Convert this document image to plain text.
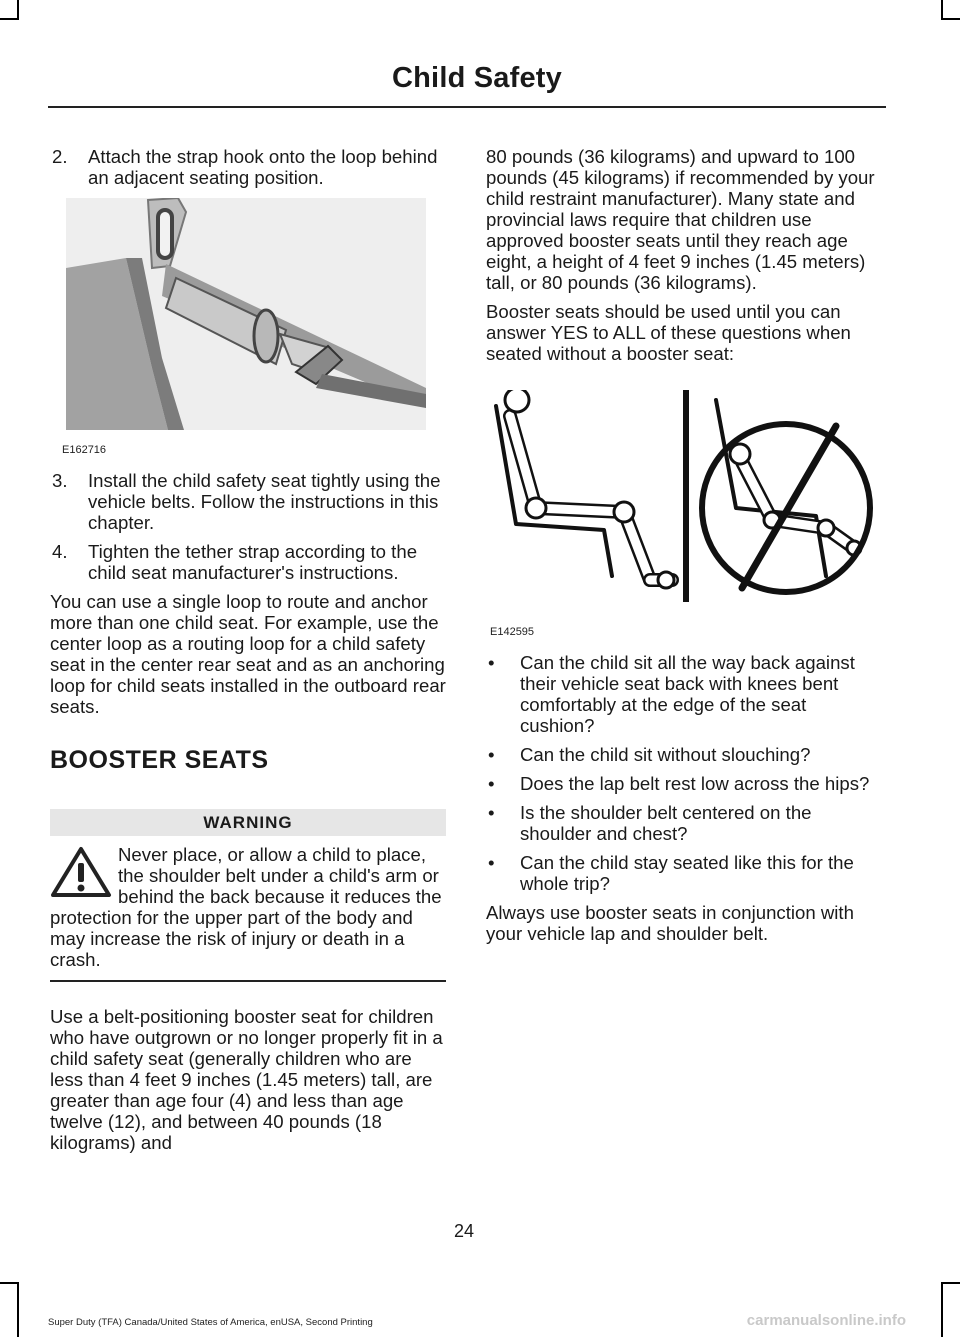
Child Safety
2. Attach the strap hook onto the loop behind an adjacent seating position.
E162716
3. Install the child safety seat tightly using the vehicle belts. Follow the instructions in this chapter.
4. Tighten the tether strap according to the child seat manufacturer's instructions.

You can use a single loop to route and anchor more than one child seat. For example, use the center loop as a routing loop for a child safety seat in the center rear seat and as an anchoring loop for child seats installed in the outboard rear seats.

BOOSTER SEATS
WARNING
Never place, or allow a child to place, the shoulder belt under a child's arm or behind the back because it reduces the protection for the upper part of the body and may increase the risk of injury or death in a crash.

Use a belt-positioning booster seat for children who have outgrown or no longer properly fit in a child safety seat (generally children who are less than 4 feet 9 inches (1.45 meters) tall, are greater than age four (4) and less than age twelve (12), and between 40 pounds (18 kilograms) and

80 pounds (36 kilograms) and upward to 100 pounds (45 kilograms) if recommended by your child restraint manufacturer). Many state and provincial laws require that children use approved booster seats until they reach age eight, a height of 4 feet 9 inches (1.45 meters) tall, or 80 pounds (36 kilograms).

Booster seats should be used until you can answer YES to ALL of these questions when seated without a booster seat:

E142595
• Can the child sit all the way back against their vehicle seat back with knees bent comfortably at the edge of the seat cushion?
• Can the child sit without slouching?
• Does the lap belt rest low across the hips?
• Is the shoulder belt centered on the shoulder and chest?
• Can the child stay seated like this for the whole trip?

Always use booster seats in conjunction with your vehicle lap and shoulder belt.

24
Super Duty (TFA) Canada/United States of America, enUSA, Second Printing	carmanualsonline.info
